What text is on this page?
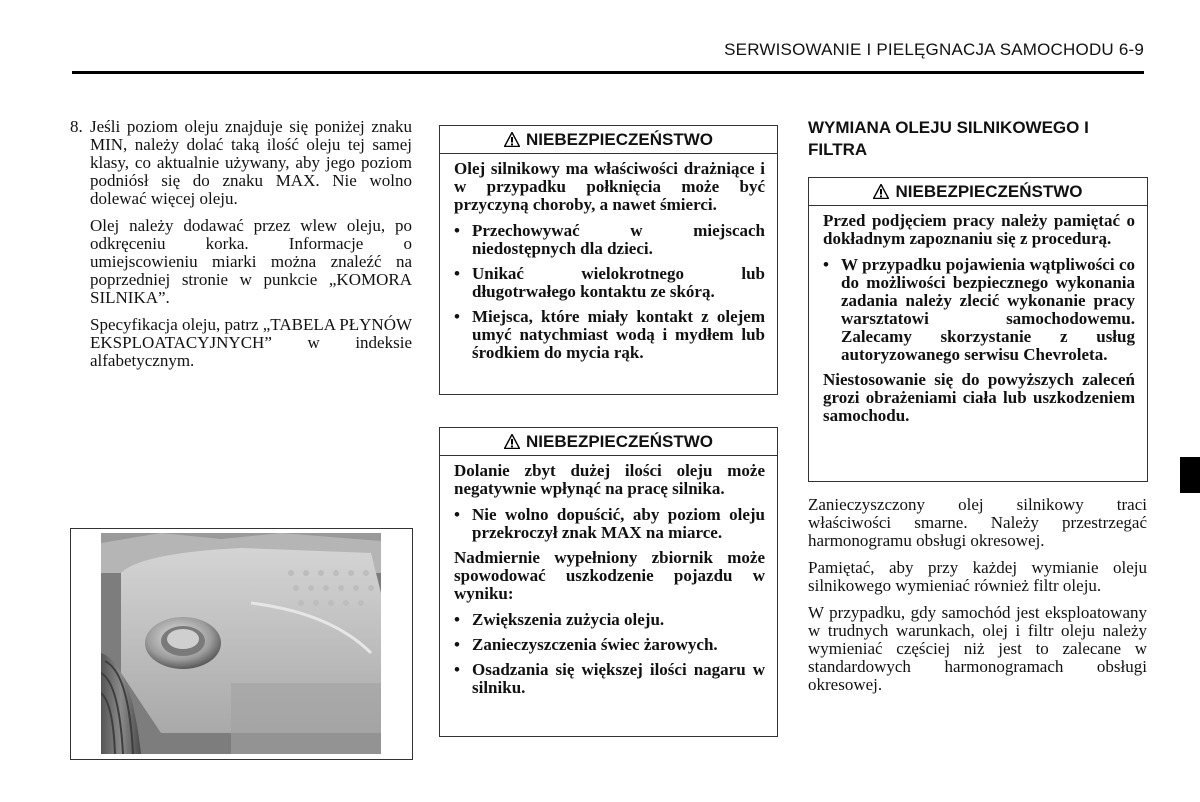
SERWISOWANIE I PIELĘGNACJA SAMOCHODU 6-9
8. Jeśli poziom oleju znajduje się poniżej znaku MIN, należy dolać taką ilość oleju tej samej klasy, co aktualnie używany, aby jego poziom podniósł się do znaku MAX. Nie wolno dolewać więcej oleju.

Olej należy dodawać przez wlew oleju, po odkręceniu korka. Informacje o umiejscowieniu miarki można znaleźć na poprzedniej stronie w punkcie „KOMORA SILNIKA”.

Specyfikacja oleju, patrz „TABELA PŁYNÓW EKSPLOATACYJNYCH” w indeksie alfabetycznym.

NIEBEZPIECZEŃSTWO

Olej silnikowy ma właściwości drażniące i w przypadku połknięcia może być przyczyną choroby, a nawet śmierci.

• Przechowywać w miejscach niedostępnych dla dzieci.
• Unikać wielokrotnego lub długotrwałego kontaktu ze skórą.
• Miejsca, które miały kontakt z olejem umyć natychmiast wodą i mydłem lub środkiem do mycia rąk.
NIEBEZPIECZEŃSTWO

Dolanie zbyt dużej ilości oleju może negatywnie wpłynąć na pracę silnika.

• Nie wolno dopuścić, aby poziom oleju przekroczył znak MAX na miarce.

Nadmiernie wypełniony zbiornik może spowodować uszkodzenie pojazdu w wyniku:

• Zwiększenia zużycia oleju.
• Zanieczyszczenia świec żarowych.
• Osadzania się większej ilości nagaru w silniku.
WYMIANA OLEJU SILNIKOWEGO I FILTRA
NIEBEZPIECZEŃSTWO

Przed podjęciem pracy należy pamiętać o dokładnym zapoznaniu się z procedurą.

• W przypadku pojawienia wątpliwości co do możliwości bezpiecznego wykonania zadania należy zlecić wykonanie pracy warsztatowi samochodowemu. Zalecamy skorzystanie z usług autoryzowanego serwisu Chevroleta.

Niestosowanie się do powyższych zaleceń grozi obrażeniami ciała lub uszkodzeniem samochodu.

Zanieczyszczony olej silnikowy traci właściwości smarne. Należy przestrzegać harmonogramu obsługi okresowej.

Pamiętać, aby przy każdej wymianie oleju silnikowego wymieniać również filtr oleju.

W przypadku, gdy samochód jest eksploatowany w trudnych warunkach, olej i filtr oleju należy wymieniać częściej niż jest to zalecane w standardowych harmonogramach obsługi okresowej.
